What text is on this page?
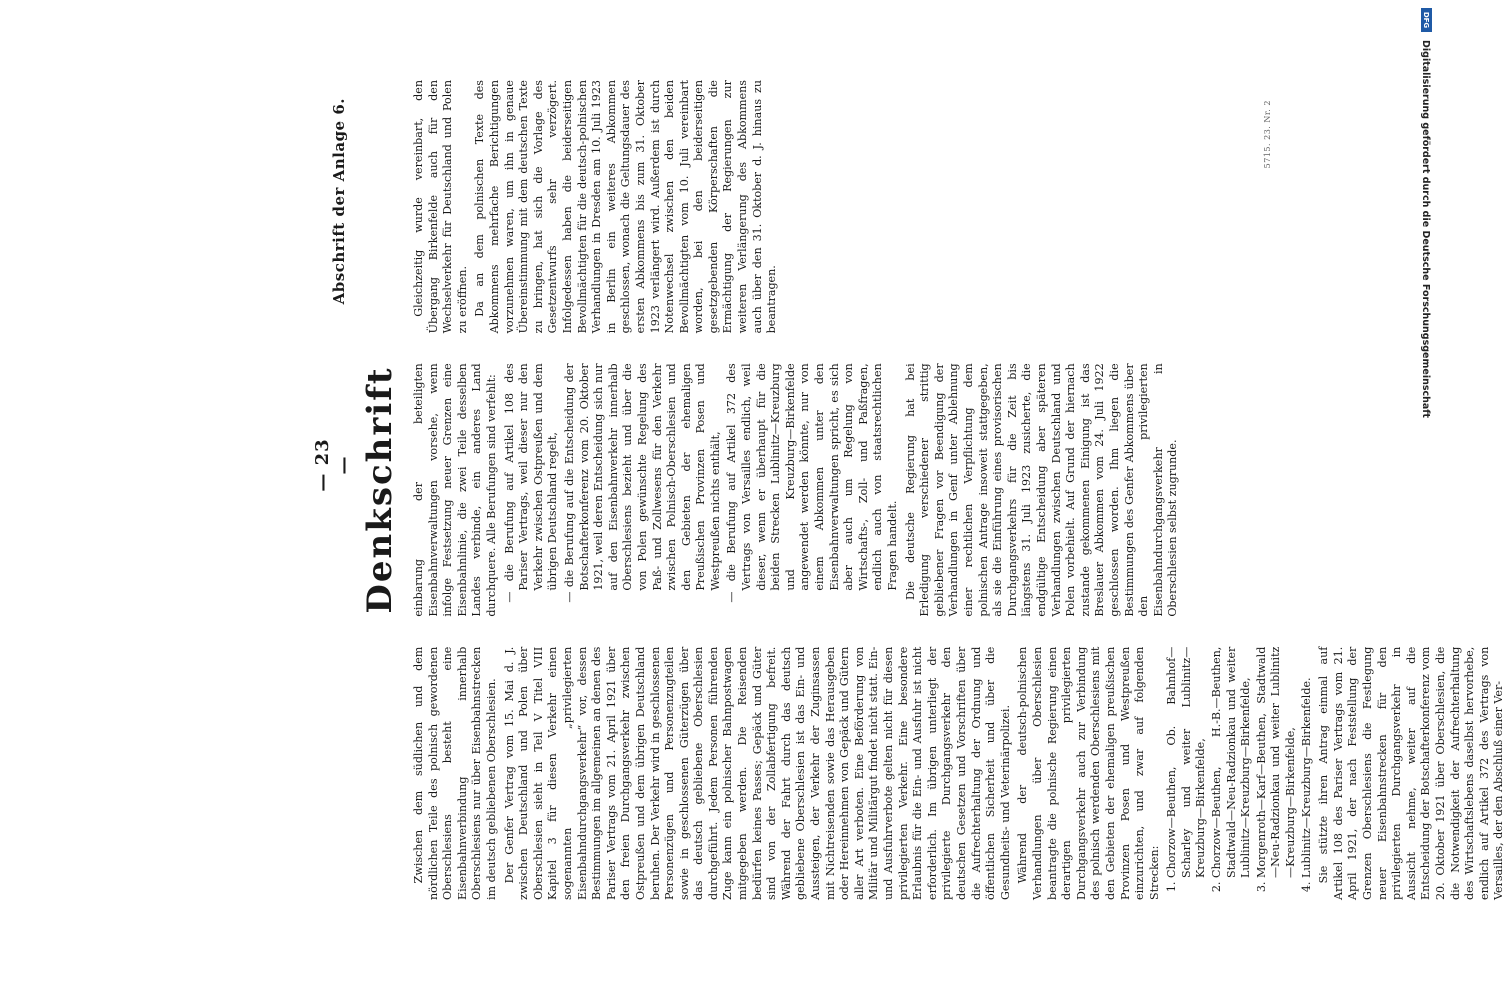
— 23 —
Abschrift der Anlage 6.
Denkschrift

Zwischen dem südlichen und dem nördlichen Teile des polnisch gewordenen Oberschlesiens besteht eine Eisenbahnverbindung innerhalb Oberschlesiens nur über Eisenbahnstrecken im deutsch gebliebenen Oberschlesien. Der Genfer Vertrag vom 15. Mai d. J. zwischen Deutschland und Polen über Oberschlesien sieht in Teil V Titel VIII Kapitel 3 für diesen Verkehr einen sogenannten „privilegierten Eisenbahndurchgangsverkehr“ vor, dessen Bestimmungen im allgemeinen an denen des Pariser Vertrags vom 21. April 1921 über den freien Durchgangsverkehr zwischen Ostpreußen und dem übrigen Deutschland beruhen. Der Verkehr wird in geschlossenen Personenzügen und Personenzugteilen sowie in geschlossenen Güterzügen über das deutsch gebliebene Oberschlesien durchgeführt. Jedem Personen führenden Zuge kann ein polnischer Bahnpostwagen mitgegeben werden. Die Reisenden bedürfen keines Passes; Gepäck und Güter sind von der Zollabfertigung befreit. Während der Fahrt durch das deutsch gebliebene Oberschlesien ist das Ein- und Aussteigen, der Verkehr der Zuginsassen mit Nichtreisenden sowie das Herausgeben oder Hereinnehmen von Gepäck und Gütern aller Art verboten. Eine Beförderung von Militär und Militärgut findet nicht statt. Ein- und Ausfuhrverbote gelten nicht für diesen privilegierten Verkehr. Eine besondere Erlaubnis für die Ein- und Ausfuhr ist nicht erforderlich. Im übrigen unterliegt der privilegierte Durchgangsverkehr den deutschen Gesetzen und Vorschriften über die Aufrechterhaltung der Ordnung und öffentlichen Sicherheit und über die Gesundheits- und Veterinärpolizei. Während der deutsch-polnischen Verhandlungen über Oberschlesien beantragte die polnische Regierung einen derartigen privilegierten Durchgangsverkehr auch zur Verbindung des polnisch werdenden Oberschlesiens mit den Gebieten der ehemaligen preußischen Provinzen Posen und Westpreußen einzurichten, und zwar auf folgenden Strecken: 1. Chorzow—Beuthen, Ob. Bahnhof—Scharley und weiter Lublinitz—Kreuzburg—Birkenfelde, 2. Chorzow—Beuthen, H.-B.—Beuthen, Stadtwald—Neu-Radzionkau und weiter Lublinitz—Kreuzburg—Birkenfelde, 3. Morgenroth—Karf—Beuthen, Stadtwald—Neu-Radzionkau und weiter Lublinitz—Kreuzburg—Birkenfelde, 4. Lublinitz—Kreuzburg—Birkenfelde. Sie stützte ihren Antrag einmal auf Artikel 108 des Pariser Vertrags vom 21. April 1921, der nach Feststellung der Grenzen Oberschlesiens die Festlegung neuer Eisenbahnstrecken für den privilegierten Durchgangsverkehr in Aussicht nehme, weiter auf die Entscheidung der Botschafterkonferenz vom 20. Oktober 1921 über Oberschlesien, die die Notwendigkeit der Aufrechterhaltung des Wirtschaftslebens daselbst hervorhebe, endlich auf Artikel 372 des Vertrags von Versailles, der den Abschluß einer Ver-

einbarung der beteiligten Eisenbahnverwaltungen vorsehe, wenn infolge Festsetzung neuer Grenzen eine Eisenbahnlinie, die zwei Teile desselben Landes verbinde, ein anderes Land durchquere. Alle Berufungen sind verfehlt: — die Berufung auf Artikel 108 des Pariser Vertrags, weil dieser nur den Verkehr zwischen Ostpreußen und dem übrigen Deutschland regelt, — die Berufung auf die Entscheidung der Botschafterkonferenz vom 20. Oktober 1921, weil deren Entscheidung sich nur auf den Eisenbahnverkehr innerhalb Oberschlesiens bezieht und über die von Polen gewünschte Regelung des Paß- und Zollwesens für den Verkehr zwischen Polnisch-Oberschlesien und den Gebieten der ehemaligen Preußischen Provinzen Posen und Westpreußen nichts enthält, — die Berufung auf Artikel 372 des Vertrags von Versailles endlich, weil dieser, wenn er überhaupt für die beiden Strecken Lublinitz—Kreuzburg und Kreuzburg—Birkenfelde angewendet werden könnte, nur von einem Abkommen unter den Eisenbahnverwaltungen spricht, es sich aber auch um Regelung von Wirtschafts-, Zoll- und Paßfragen, endlich auch von staatsrechtlichen Fragen handelt. Die deutsche Regierung hat bei Erledigung verschiedener strittig gebliebener Fragen vor Beendigung der Verhandlungen in Genf unter Ablehnung einer rechtlichen Verpflichtung dem polnischen Antrage insoweit stattgegeben, als sie die Einführung eines provisorischen Durchgangsverkehrs für die Zeit bis längstens 31. Juli 1923 zusicherte, die endgültige Entscheidung aber späteren Verhandlungen zwischen Deutschland und Polen vorbehielt. Auf Grund der hiernach zustande gekommenen Einigung ist das Breslauer Abkommen vom 24. Juli 1922 geschlossen worden. Ihm liegen die Bestimmungen des Genfer Abkommens über den privilegierten Eisenbahndurchgangsverkehr in Oberschlesien selbst zugrunde.

Gleichzeitig wurde vereinbart, den Übergang Birkenfelde auch für den Wechselverkehr für Deutschland und Polen zu eröffnen. Da an dem polnischen Texte des Abkommens mehrfache Berichtigungen vorzunehmen waren, um ihn in genaue Übereinstimmung mit dem deutschen Texte zu bringen, hat sich die Vorlage des Gesetzentwurfs sehr verzögert. Infolgedessen haben die beiderseitigen Bevollmächtigten für die deutsch-polnischen Verhandlungen in Dresden am 10. Juli 1923 in Berlin ein weiteres Abkommen geschlossen, wonach die Geltungsdauer des ersten Abkommens bis zum 31. Oktober 1923 verlängert wird. Außerdem ist durch Notenwechsel zwischen den beiden Bevollmächtigten vom 10. Juli vereinbart worden, bei den beiderseitigen gesetzgebenden Körperschaften die Ermächtigung der Regierungen zur weiteren Verlängerung des Abkommens auch über den 31. Oktober d. J. hinaus zu beantragen.

5715. 23. Nr. 2
DFG
Digitalisierung gefördert durch die Deutsche Forschungsgemeinschaft
